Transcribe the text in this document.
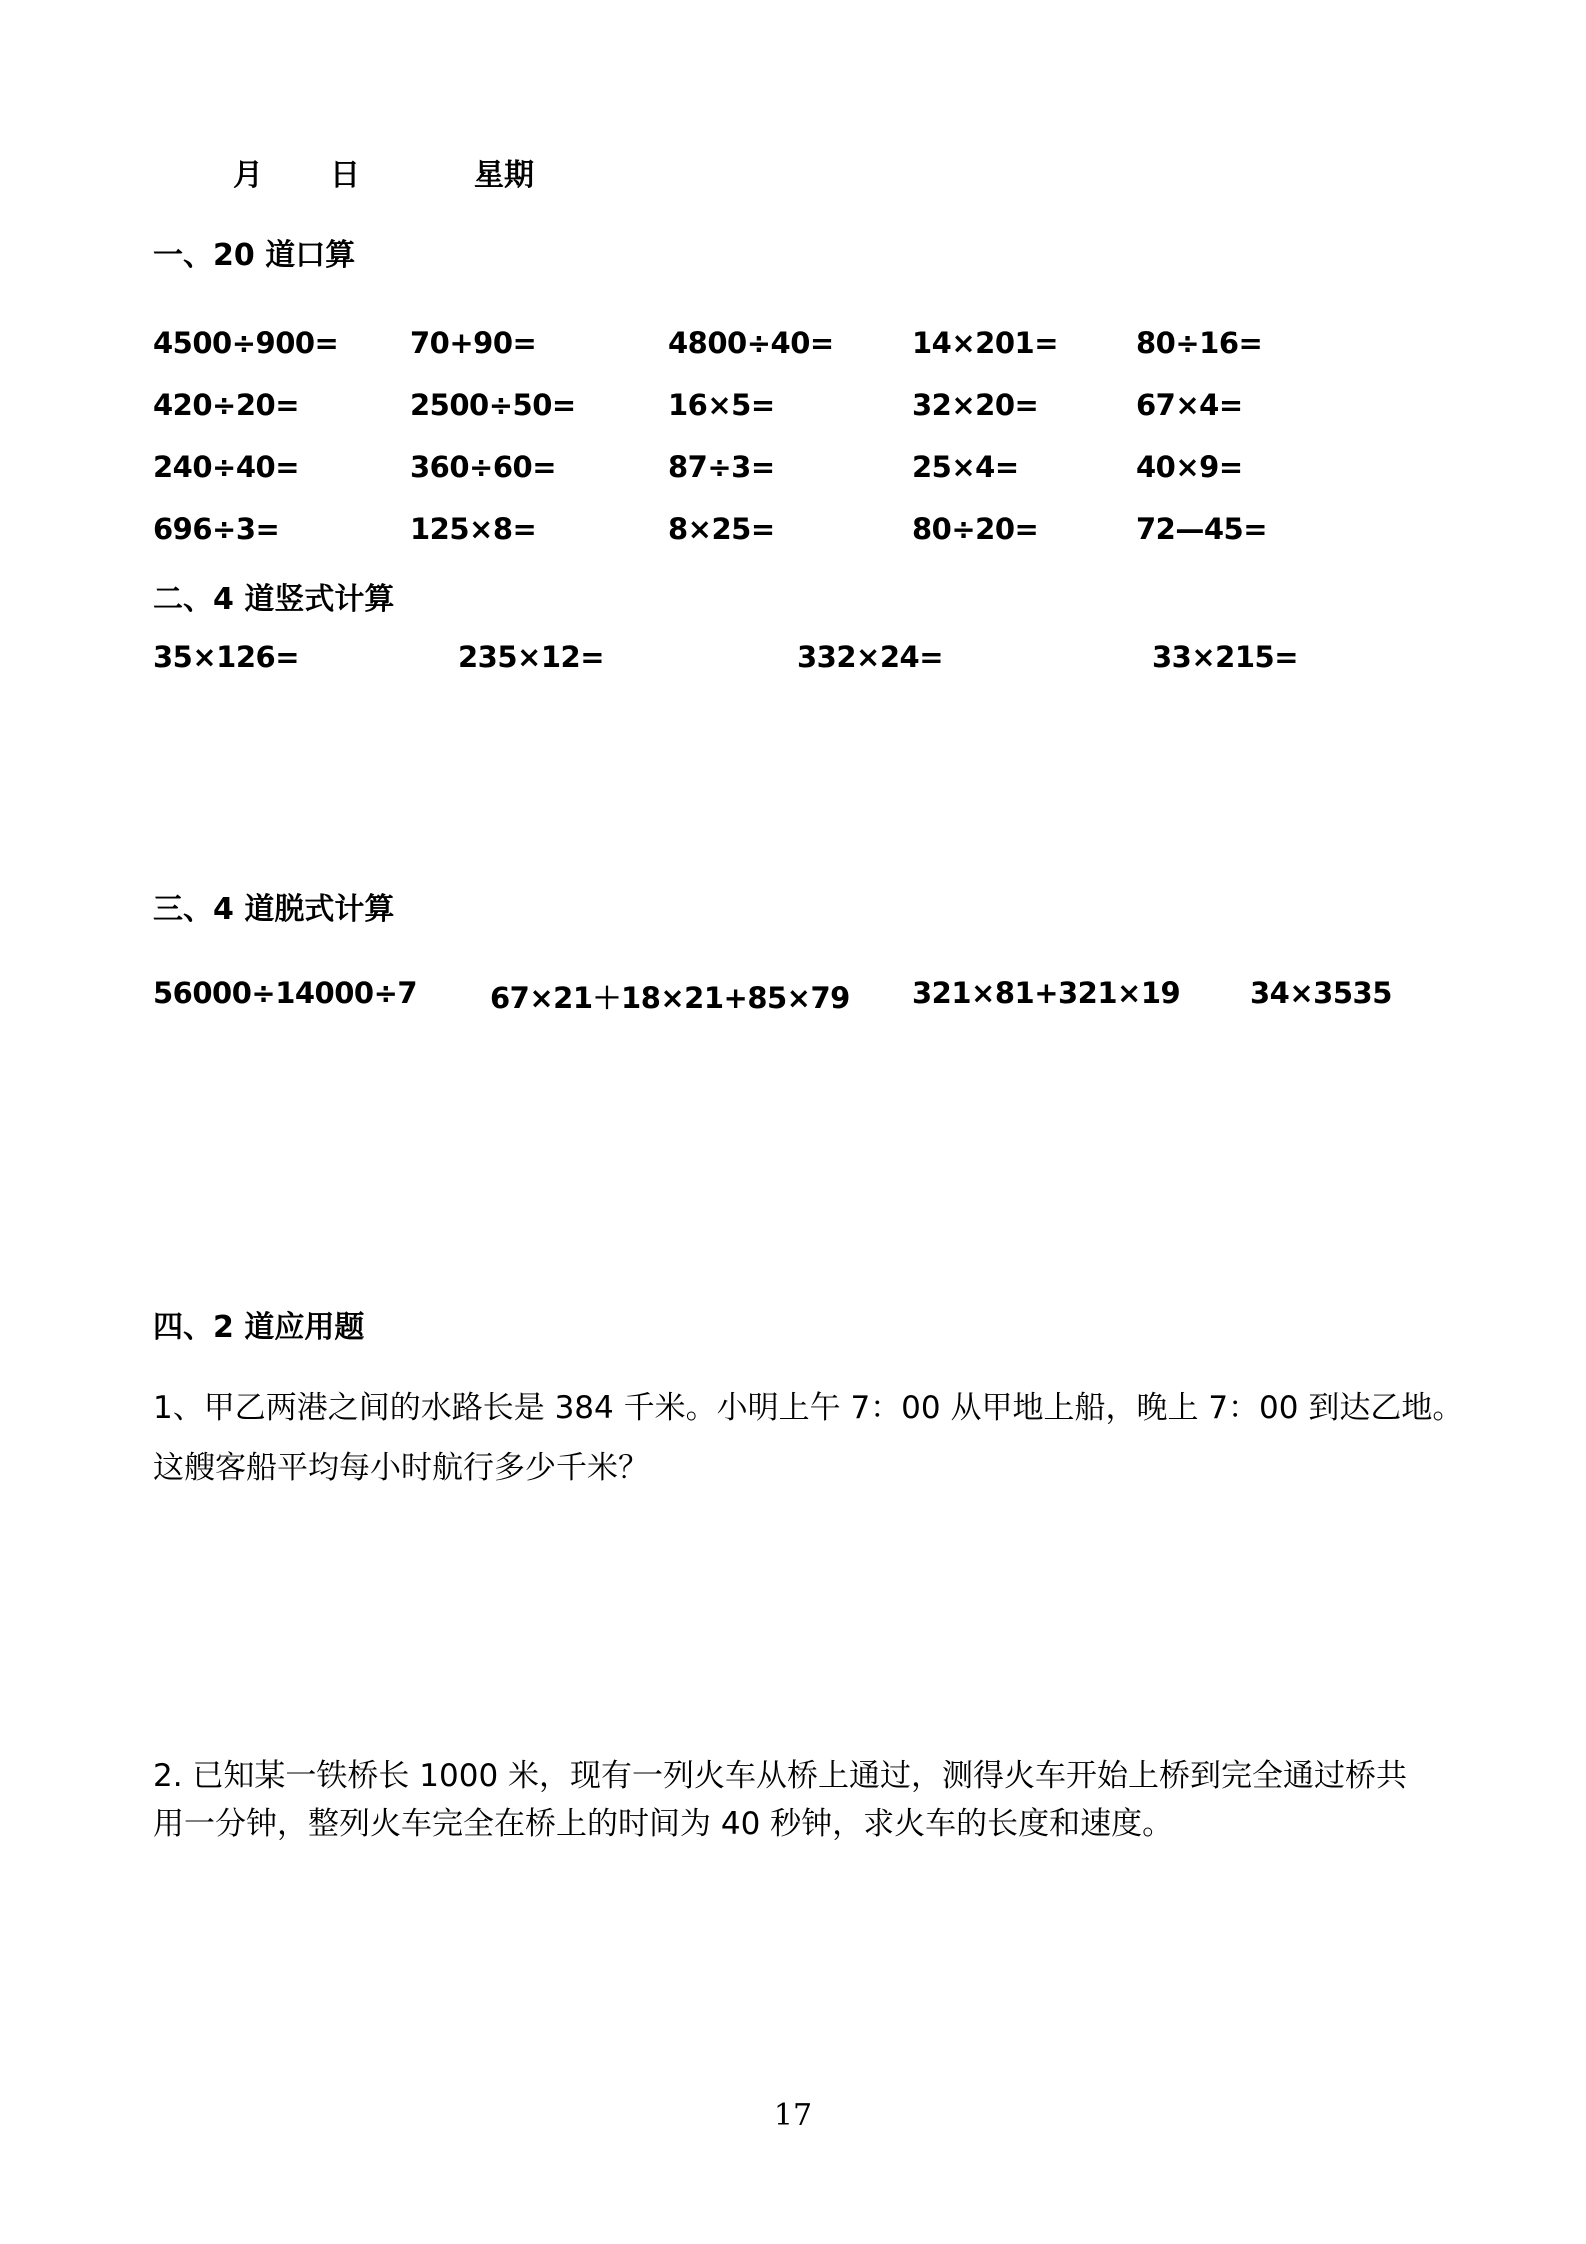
月 日	星期
一、20 道口算
4500÷900= 70+90=	4800÷40=	14×201=	80÷16=
420÷20=	2500÷50=	16×5=	32×20=	67×4=
240÷40=	360÷60=	87÷3=	25×4=	40×9=
696÷3=	125×8=	8×25=	80÷20=	72—45=
二、4 道竖式计算
35×126=	235×12=	332×24=	33×215=
三、4 道脱式计算
56000÷14000÷7	67×21＋18×21+85×79 321×81+321×19 34×3535
四、2 道应用题
1、甲乙两港之间的水路长是 384 千米。小明上午 7：00 从甲地上船，晚上 7：00 到达乙地。
这艘客船平均每小时航行多少千米？
2. 已知某一铁桥长 1000 米，现有一列火车从桥上通过，测得火车开始上桥到完全通过桥共
用一分钟，整列火车完全在桥上的时间为 40 秒钟，求火车的长度和速度。
17
